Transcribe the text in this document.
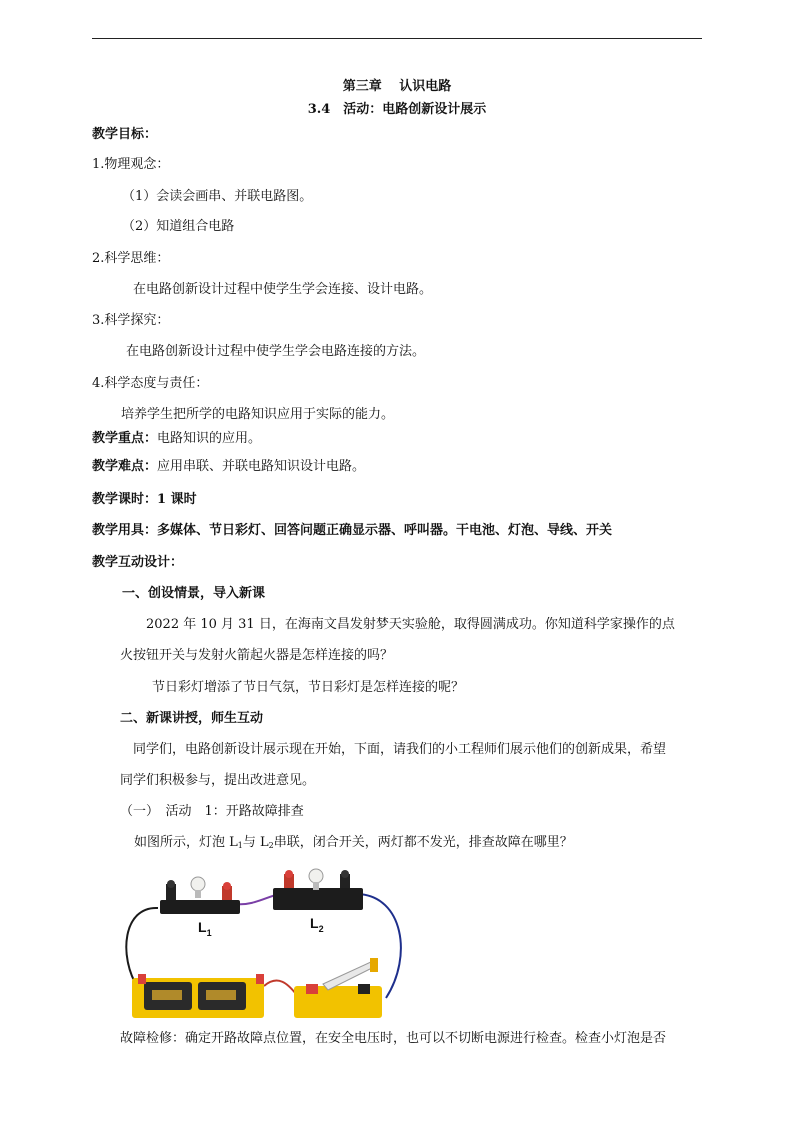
第三章　 认识电路
3.4　活动：电路创新设计展示
教学目标：
1.物理观念：
（1）会读会画串、并联电路图。
（2）知道组合电路
2.科学思维：
在电路创新设计过程中使学生学会连接、设计电路。
3.科学探究：
在电路创新设计过程中使学生学会电路连接的方法。
4.科学态度与责任：
培养学生把所学的电路知识应用于实际的能力。
教学重点：电路知识的应用。
教学难点：应用串联、并联电路知识设计电路。
教学课时：1 课时
教学用具：多媒体、节日彩灯、回答问题正确显示器、呼叫器。干电池、灯泡、导线、开关
教学互动设计：
一、创设情景，导入新课
2022 年 10 月 31 日，在海南文昌发射梦天实验舱，取得圆满成功。你知道科学家操作的点
火按钮开关与发射火箭起火器是怎样连接的吗？
节日彩灯增添了节日气氛，节日彩灯是怎样连接的呢？
二、新课讲授，师生互动
同学们，电路创新设计展示现在开始，下面，请我们的小工程师们展示他们的创新成果，希望
同学们积极参与，提出改进意见。
（一）　活动　1：开路故障排查
如图所示，灯泡 $L_1$与 $L_2$串联，闭合开关，两灯都不发光，排查故障在哪里？
$L_1$
$L_2$
故障检修：确定开路故障点位置，在安全电压时，也可以不切断电源进行检查。检查小灯泡是否
